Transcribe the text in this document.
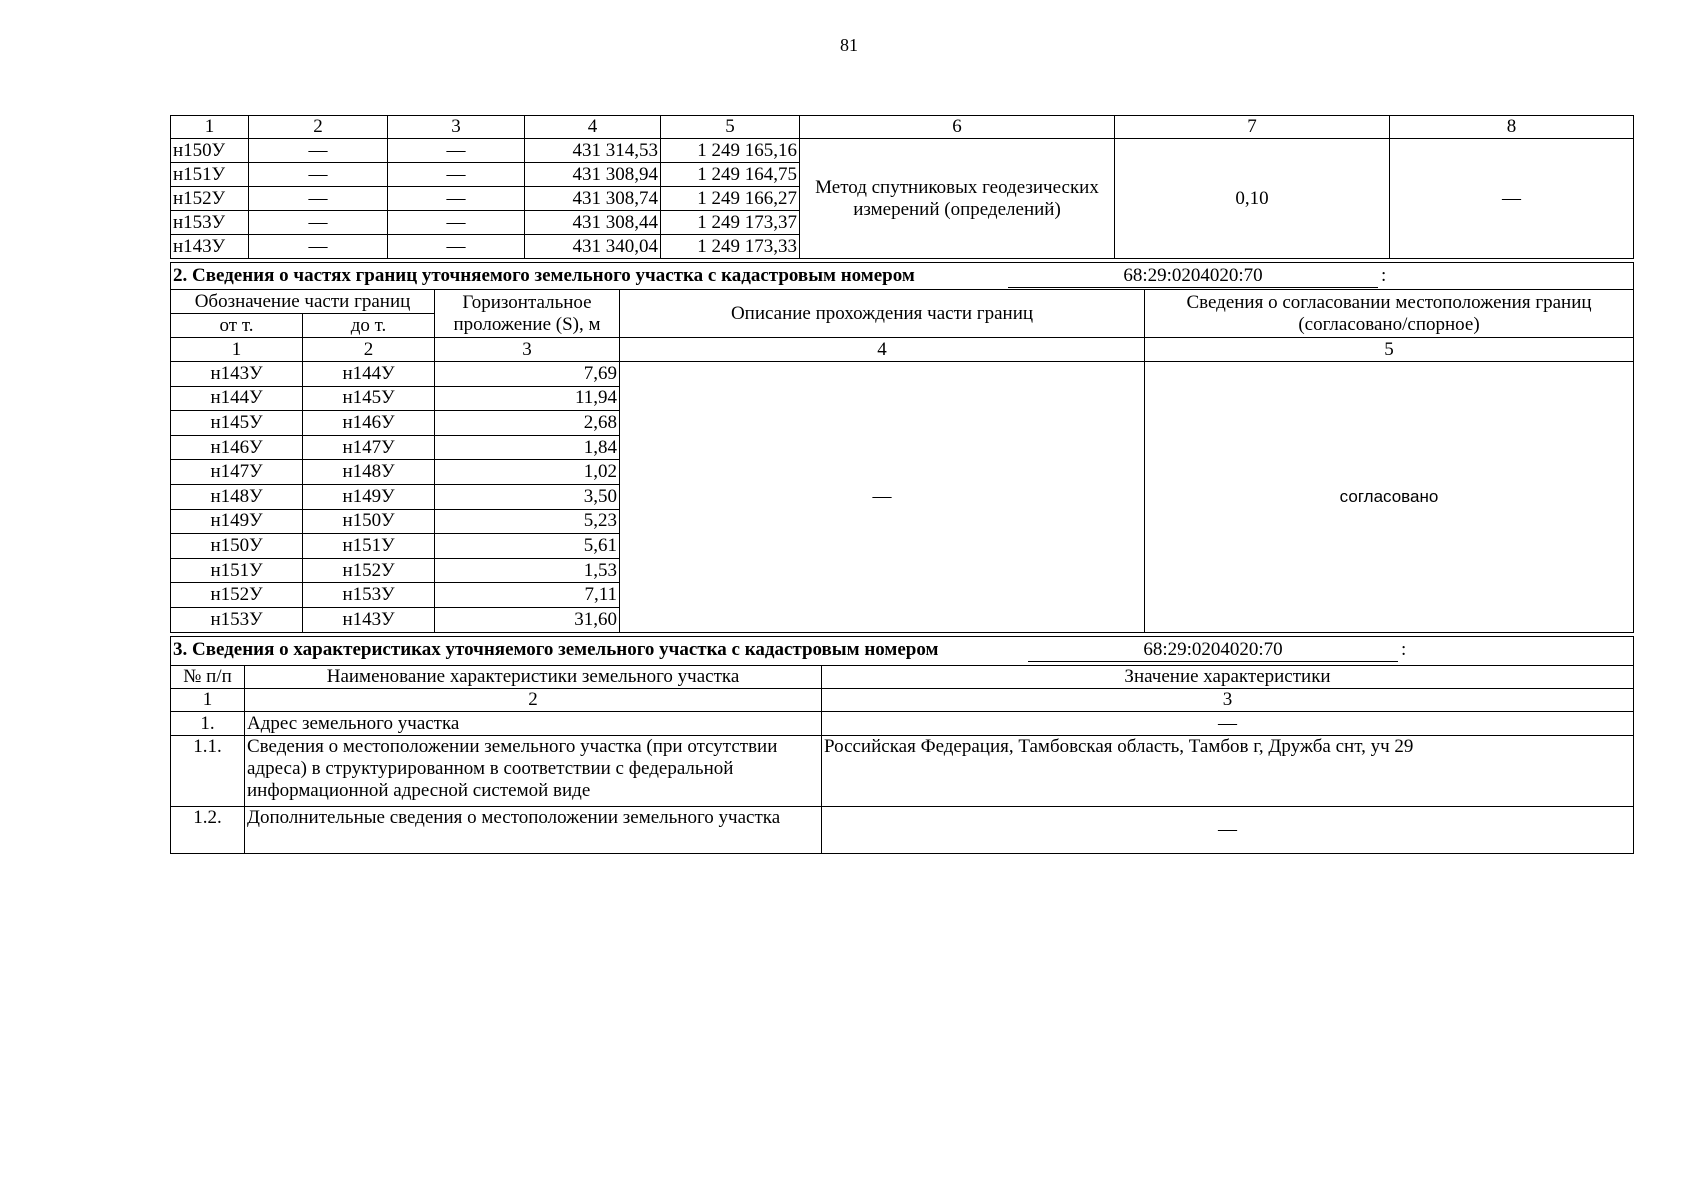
81
1	2	3	4	5	6	7	8
н150У	—	—	431 314,53	1 249 165,16	Метод спутниковых геодезических измерений (определений)	0,10	—
н151У	—	—	431 308,94	1 249 164,75			
н152У	—	—	431 308,74	1 249 166,27			
н153У	—	—	431 308,44	1 249 173,37			
н143У	—	—	431 340,04	1 249 173,33			
2. Сведения о частях границ уточняемого земельного участка с кадастровым номером 68:29:0204020:70 :				

Обозначение части границ		Горизонтальное проложение (S), м	Описание прохождения части границ	Сведения о согласовании местоположения границ (согласовано/спорное)
от т.	до т.			
1	2	3	4	5
н143У	н144У	7,69	—	согласовано
н144У	н145У	11,94		
н145У	н146У	2,68		
н146У	н147У	1,84		
н147У	н148У	1,02		
н148У	н149У	3,50		
н149У	н150У	5,23		
н150У	н151У	5,61		
н151У	н152У	1,53		
н152У	н153У	7,11		
н153У	н143У	31,60		
3. Сведения о характеристиках уточняемого земельного участка с кадастровым номером 68:29:0204020:70 :		

№ п/п	Наименование характеристики земельного участка	Значение характеристики
1	2	3
1.	Адрес земельного участка	—
1.1.	Сведения о местоположении земельного участка (при отсутствии адреса) в структурированном в соответствии с федеральной информационной адресной системой виде	Российская Федерация, Тамбовская область, Тамбов г, Дружба снт, уч 29
1.2.	Дополнительные сведения о местоположении земельного участка	—
